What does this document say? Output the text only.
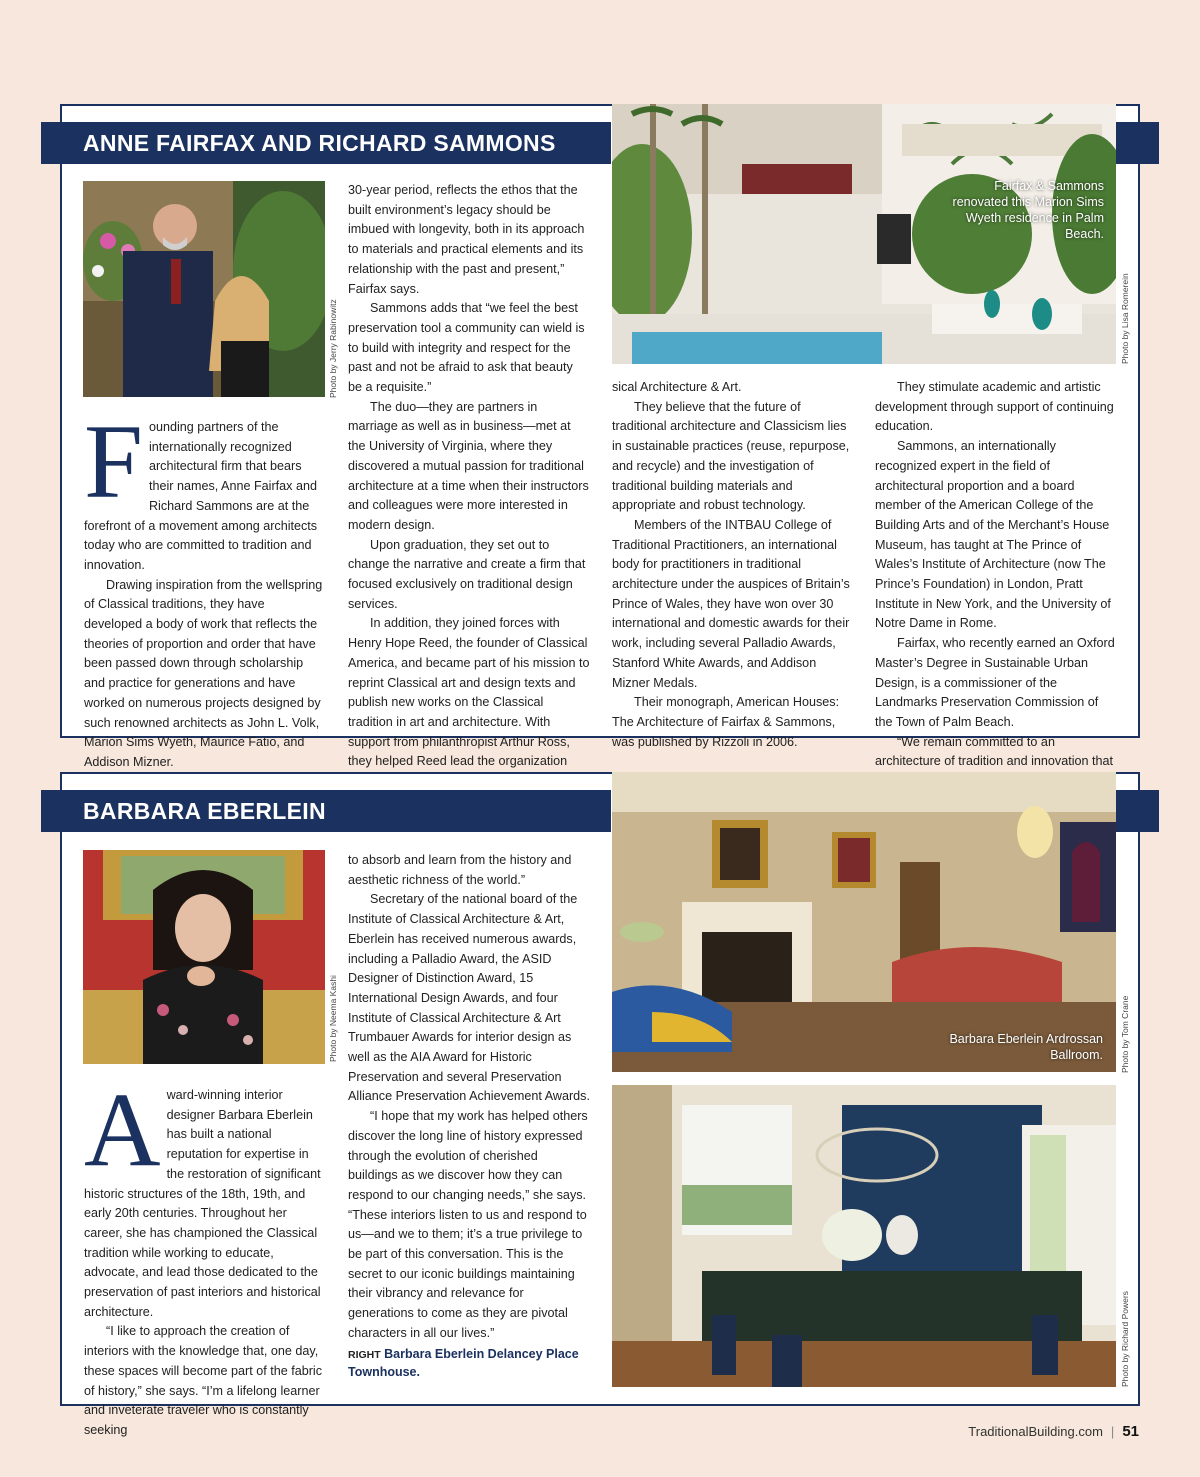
ANNE FAIRFAX AND RICHARD SAMMONS
Photo by Jerry Rabinowitz
Fairfax & Sammons renovated this Marion Sims Wyeth residence in Palm Beach.
Photo by Lisa Romerein
F ounding partners of the internationally recognized architectural firm that bears their names, Anne Fairfax and Richard Sammons are at the forefront of a movement among architects today who are committed to tradition and innovation.

Drawing inspiration from the wellspring of Classical traditions, they have developed a body of work that reflects the theories of proportion and order that have been passed down through scholarship and practice for generations and have worked on numerous projects designed by such renowned architects as John L. Volk, Marion Sims Wyeth, Maurice Fatio, and Addison Mizner.

30-year period, reflects the ethos that the built environment’s legacy should be imbued with longevity, both in its approach to materials and practical elements and its relationship with the past and present,” Fairfax says.

Sammons adds that “we feel the best preservation tool a community can wield is to build with integrity and respect for the past and not be afraid to ask that beauty be a requisite.”

The duo—they are partners in marriage as well as in business—met at the University of Virginia, where they discovered a mutual passion for traditional architecture at a time when their instructors and colleagues were more interested in modern design.

Upon graduation, they set out to change the narrative and create a firm that focused exclusively on traditional design services.

In addition, they joined forces with Henry Hope Reed, the founder of Classical America, and became part of his mission to reprint Classical art and design texts and publish new works on the Classical tradition in art and architecture. With support from philanthropist Arthur Ross, they helped Reed lead the organization

sical Architecture & Art.

They believe that the future of traditional architecture and Classicism lies in sustainable practices (reuse, repurpose, and recycle) and the investigation of traditional building materials and appropriate and robust technology.

Members of the INTBAU College of Traditional Practitioners, an international body for practitioners in traditional architecture under the auspices of Britain’s Prince of Wales, they have won over 30 international and domestic awards for their work, including several Palladio Awards, Stanford White Awards, and Addison Mizner Medals.

Their monograph, American Houses: The Architecture of Fairfax & Sammons, was published by Rizzoli in 2006.

They stimulate academic and artistic development through support of continuing education.

Sammons, an internationally recognized expert in the field of architectural proportion and a board member of the American College of the Building Arts and of the Merchant’s House Museum, has taught at The Prince of Wales’s Institute of Architecture (now The Prince’s Foundation) in London, Pratt Institute in New York, and the University of Notre Dame in Rome.

Fairfax, who recently earned an Oxford Master’s Degree in Sustainable Urban Design, is a commissioner of the Landmarks Preservation Commission of the Town of Palm Beach.

“We remain committed to an architecture of tradition and innovation that

BARBARA EBERLEIN
Photo by Neema Kashi	Barbara Eberlein Ardrossan Ballroom. Photo by Tom Crane
Photo by Richard Powers
A ward-winning interior designer Barbara Eberlein has built a national reputation for expertise in the restoration of significant historic structures of the 18th, 19th, and early 20th centuries. Throughout her career, she has championed the Classical tradition while working to educate, advocate, and lead those dedicated to the preservation of past interiors and historical architecture.

“I like to approach the creation of interiors with the knowledge that, one day, these spaces will become part of the fabric of history,” she says. “I’m a lifelong learner and inveterate traveler who is constantly seeking

to absorb and learn from the history and aesthetic richness of the world.”

Secretary of the national board of the Institute of Classical Architecture & Art, Eberlein has received numerous awards, including a Palladio Award, the ASID Designer of Distinction Award, 15 International Design Awards, and four Institute of Classical Architecture & Art Trumbauer Awards for interior design as well as the AIA Award for Historic Preservation and several Preservation Alliance Preservation Achievement Awards.

“I hope that my work has helped others discover the long line of history expressed through the evolution of cherished buildings as we discover how they can respond to our changing needs,” she says. “These interiors listen to us and respond to us—and we to them; it’s a true privilege to be part of this conversation. This is the secret to our iconic buildings maintaining their vibrancy and relevance for generations to come as they are pivotal characters in all our lives.”

RIGHT Barbara Eberlein Delancey Place Townhouse.
TraditionalBuilding.com | 51
